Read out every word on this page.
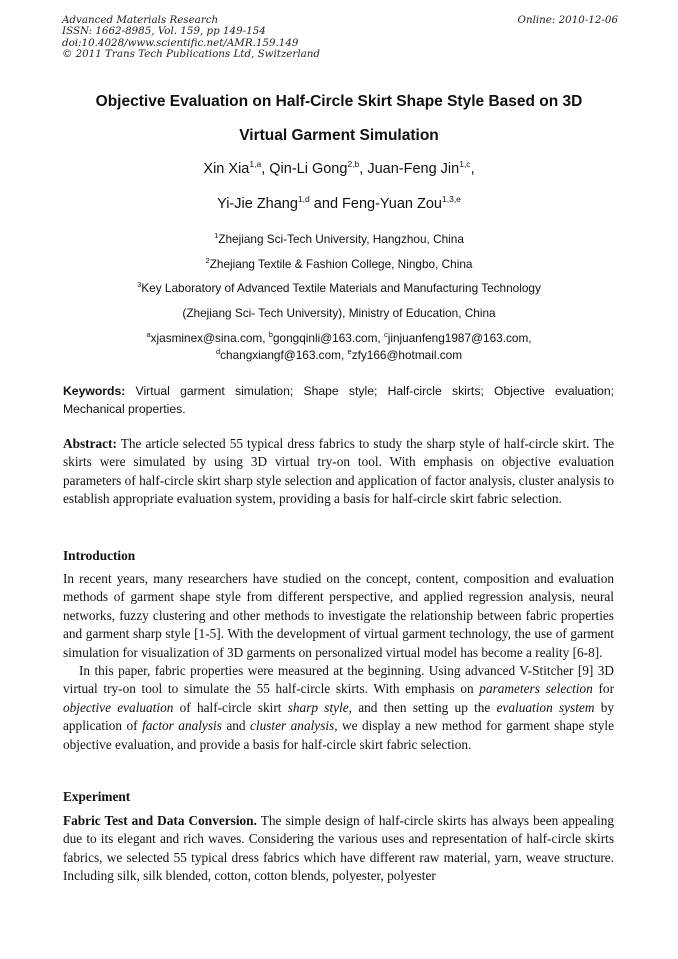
Advanced Materials Research
ISSN: 1662-8985, Vol. 159, pp 149-154
doi:10.4028/www.scientific.net/AMR.159.149
© 2011 Trans Tech Publications Ltd, Switzerland
Online: 2010-12-06
Objective Evaluation on Half-Circle Skirt Shape Style Based on 3D
Virtual Garment Simulation
Xin Xia$^{1,a}$, Qin-Li Gong$^{2,b}$, Juan-Feng Jin$^{1,c}$,
Yi-Jie Zhang$^{1,d}$ and Feng-Yuan Zou$^{1,3,e}$
$^1$Zhejiang Sci-Tech University, Hangzhou, China
$^2$Zhejiang Textile & Fashion College, Ningbo, China
$^3$Key Laboratory of Advanced Textile Materials and Manufacturing Technology
(Zhejiang Sci- Tech University), Ministry of Education, China
$^a$xjasminex@sina.com, $^b$gongqinli@163.com, $^c$jinjuanfeng1987@163.com,
$^d$changxiangf@163.com, $^e$zfy166@hotmail.com

Keywords: Virtual garment simulation; Shape style; Half-circle skirts; Objective evaluation; Mechanical properties.

Abstract: The article selected 55 typical dress fabrics to study the sharp style of half-circle skirt. The skirts were simulated by using 3D virtual try-on tool. With emphasis on objective evaluation parameters of half-circle skirt sharp style selection and application of factor analysis, cluster analysis to establish appropriate evaluation system, providing a basis for half-circle skirt fabric selection.

Introduction

In recent years, many researchers have studied on the concept, content, composition and evaluation methods of garment shape style from different perspective, and applied regression analysis, neural networks, fuzzy clustering and other methods to investigate the relationship between fabric properties and garment sharp style [1-5]. With the development of virtual garment technology, the use of garment simulation for visualization of 3D garments on personalized virtual model has become a reality [6-8].

In this paper, fabric properties were measured at the beginning. Using advanced V-Stitcher [9] 3D virtual try-on tool to simulate the 55 half-circle skirts. With emphasis on parameters selection for objective evaluation of half-circle skirt sharp style, and then setting up the evaluation system by application of factor analysis and cluster analysis, we display a new method for garment shape style objective evaluation, and provide a basis for half-circle skirt fabric selection.

Experiment

Fabric Test and Data Conversion. The simple design of half-circle skirts has always been appealing due to its elegant and rich waves. Considering the various uses and representation of half-circle skirts fabrics, we selected 55 typical dress fabrics which have different raw material, yarn, weave structure. Including silk, silk blended, cotton, cotton blends, polyester, polyester
